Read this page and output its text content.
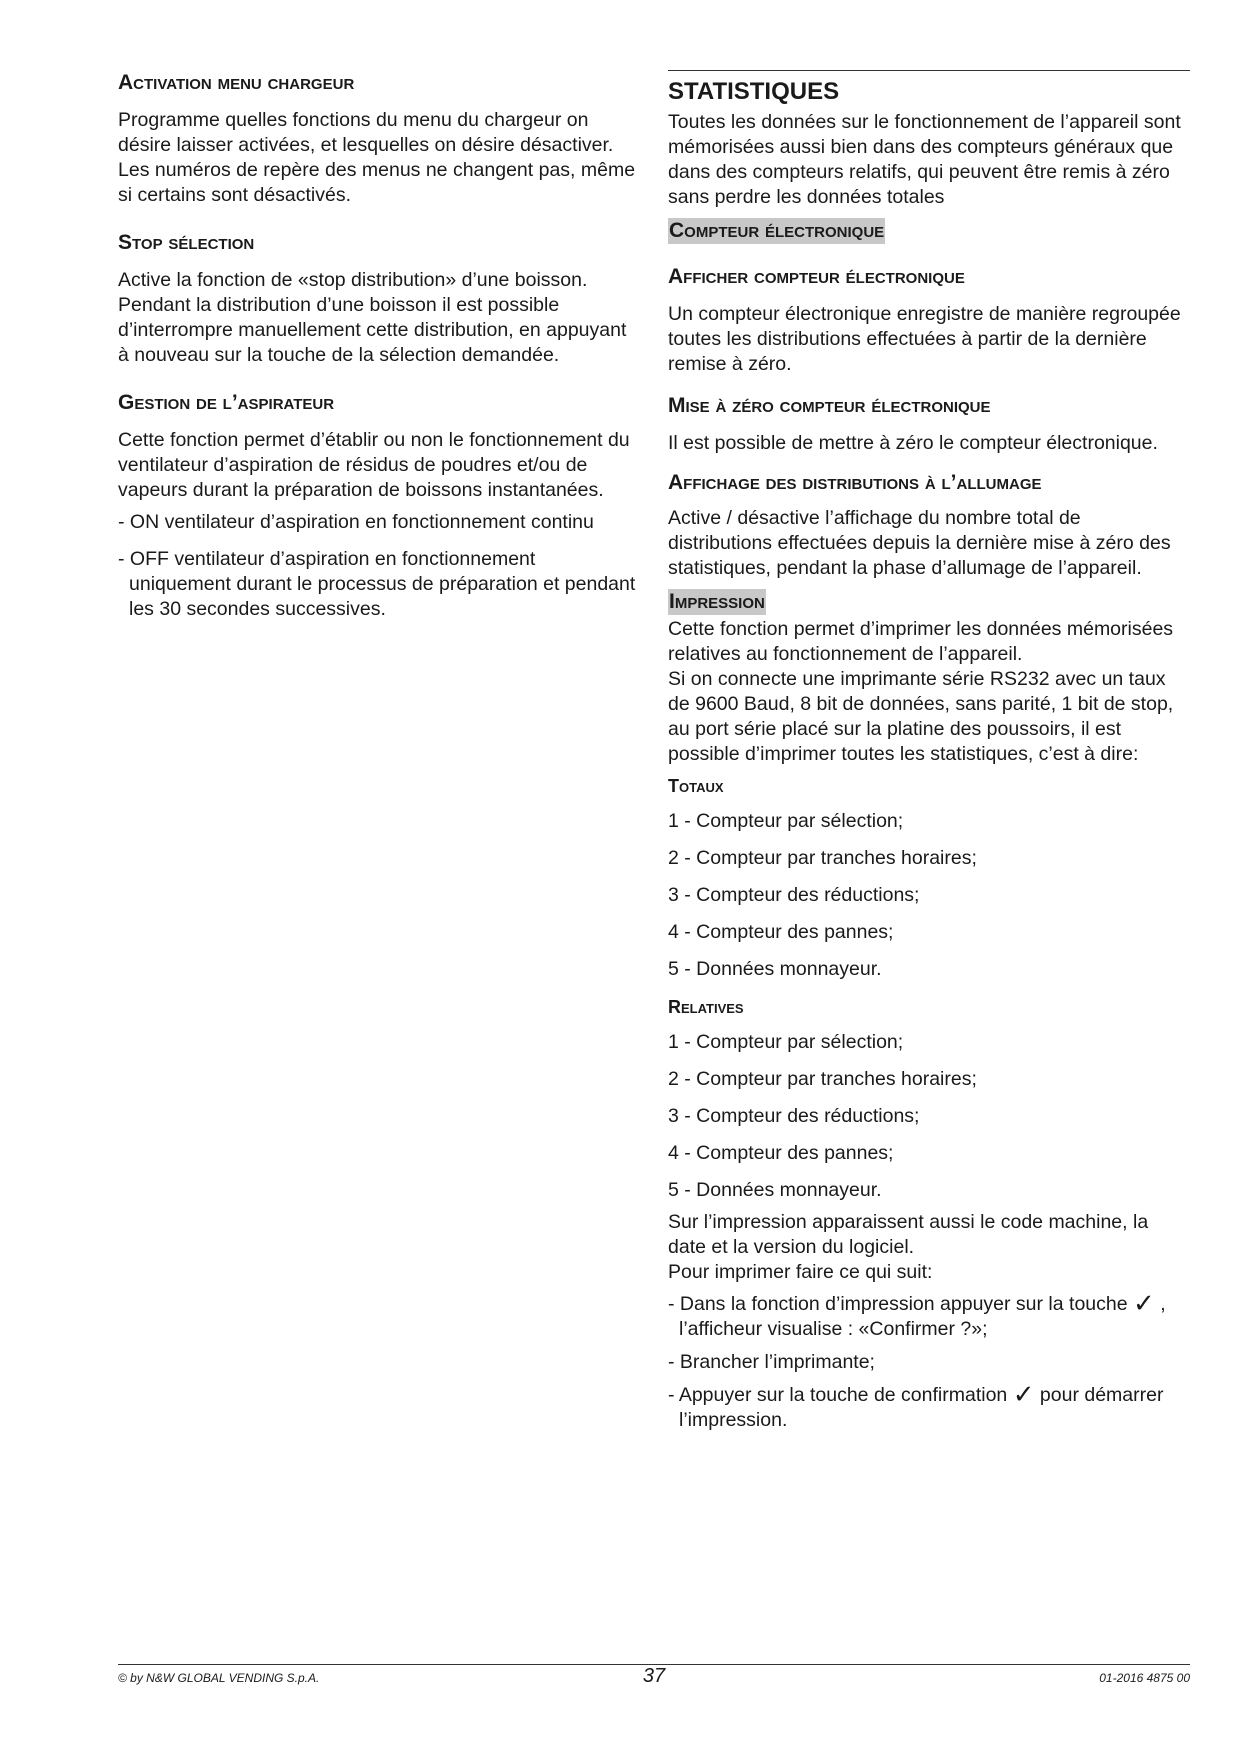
Activation menu chargeur

Programme quelles fonctions du menu du chargeur on désire laisser activées, et lesquelles on désire désactiver.

Les numéros de repère des menus ne changent pas, même si certains sont désactivés.

Stop sélection

Active la fonction de «stop distribution» d’une boisson. Pendant la distribution d’une boisson il est possible d’interrompre manuellement cette distribution, en appuyant à nouveau sur la touche de la sélection demandée.

Gestion de l’aspirateur

Cette fonction permet d’établir ou non le fonctionnement du ventilateur d’aspiration de résidus de poudres et/ou de vapeurs durant la préparation de boissons instantanées.

- ON ventilateur d’aspiration en fonctionnement continu

- OFF ventilateur d’aspiration en fonctionnement uniquement durant le processus de préparation et pendant les 30 secondes successives.

STATISTIQUES

Toutes les données sur le fonctionnement de l’appareil sont mémorisées aussi bien dans des compteurs généraux que dans des compteurs relatifs, qui peuvent être remis à zéro sans perdre les données totales

Compteur électronique
Afficher compteur électronique

Un compteur électronique enregistre de manière regroupée toutes les distributions effectuées à partir de la dernière remise à zéro.

Mise à zéro compteur électronique

Il est possible de mettre à zéro le compteur électronique.

Affichage des distributions à l’allumage

Active / désactive l’affichage du nombre total de distributions effectuées depuis la dernière mise à zéro des statistiques, pendant la phase d’allumage de l’appareil.

Impression

Cette fonction permet d’imprimer les données mémorisées relatives au fonctionnement de l’appareil.

Si on connecte une imprimante série RS232 avec un taux de 9600 Baud, 8 bit de données, sans parité, 1 bit de stop, au port série placé sur la platine des poussoirs, il est possible d’imprimer toutes les statistiques, c’est à dire:

Totaux

1 - Compteur par sélection;

2 - Compteur par tranches horaires;

3 - Compteur des réductions;

4 - Compteur des pannes;

5 - Données monnayeur.

Relatives

1 - Compteur par sélection;

2 - Compteur par tranches horaires;

3 - Compteur des réductions;

4 - Compteur des pannes;

5 - Données monnayeur.

Sur l’impression apparaissent aussi le code machine, la date et la version du logiciel.

Pour imprimer faire ce qui suit:

- Dans la fonction d’impression appuyer sur la touche ✓ , l’afficheur visualise : «Confirmer ?»;

- Brancher l’imprimante;

- Appuyer sur la touche de confirmation ✓ pour démarrer l’impression.

© by N&W GLOBAL VENDING S.p.A.	37	01-2016 4875 00
